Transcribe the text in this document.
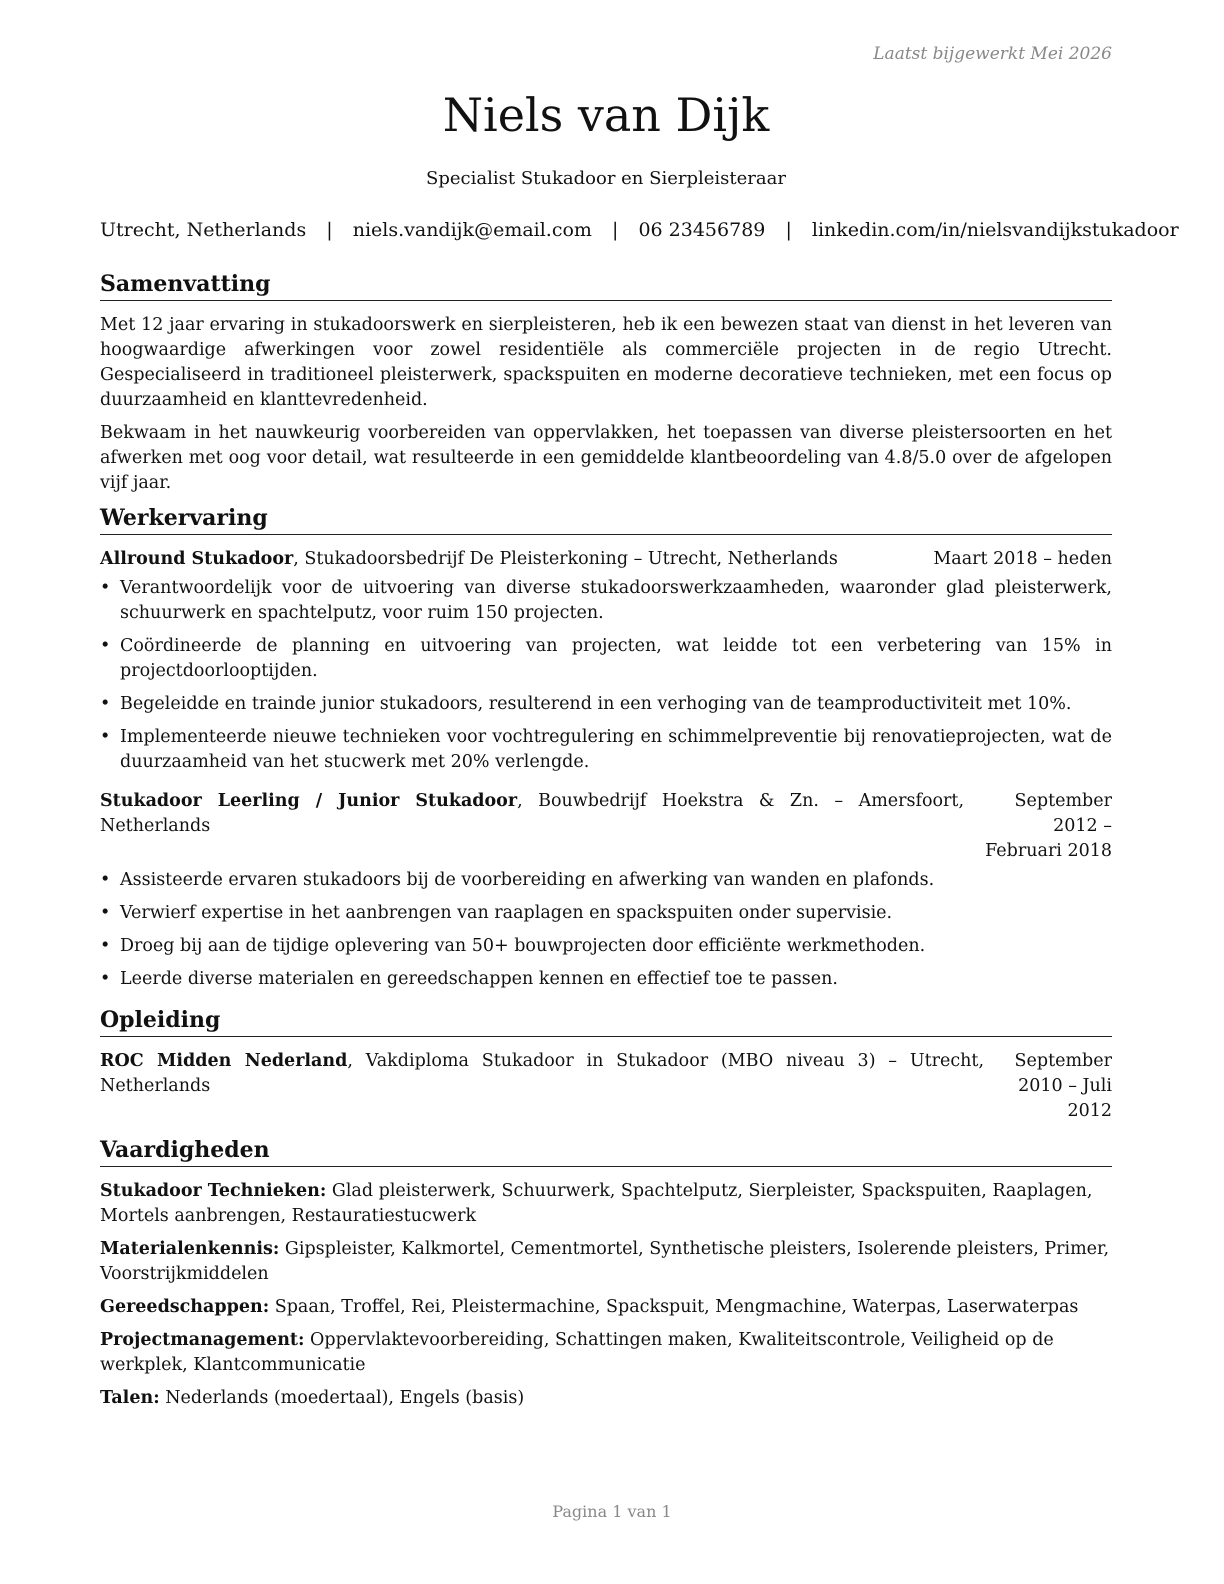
Laatst bijgewerkt Mei 2026
Niels van Dijk
Specialist Stukadoor en Sierpleisteraar
Utrecht, Netherlands | niels.vandijk@email.com | 06 23456789 | linkedin.com/in/nielsvandijkstukadoor
Samenvatting

Met 12 jaar ervaring in stukadoorswerk en sierpleisteren, heb ik een bewezen staat van dienst in het leveren van hoogwaardige afwerkingen voor zowel residentiële als commerciële projecten in de regio Utrecht. Gespecialiseerd in traditioneel pleisterwerk, spackspuiten en moderne decoratieve technieken, met een focus op duurzaamheid en klanttevredenheid.

Bekwaam in het nauwkeurig voorbereiden van oppervlakken, het toepassen van diverse pleistersoorten en het afwerken met oog voor detail, wat resulteerde in een gemiddelde klantbeoordeling van 4.8/5.0 over de afgelopen vijf jaar.

Werkervaring
Allround Stukadoor, Stukadoorsbedrijf De Pleisterkoning – Utrecht, Netherlands	Maart 2018 – heden
• Verantwoordelijk voor de uitvoering van diverse stukadoorswerkzaamheden, waaronder glad pleisterwerk, schuurwerk en spachtelputz, voor ruim 150 projecten.
• Coördineerde de planning en uitvoering van projecten, wat leidde tot een verbetering van 15% in projectdoorlooptijden.
• Begeleidde en trainde junior stukadoors, resulterend in een verhoging van de teamproductiviteit met 10%.
• Implementeerde nieuwe technieken voor vochtregulering en schimmelpreventie bij renovatieprojecten, wat de duurzaamheid van het stucwerk met 20% verlengde.
Stukadoor Leerling / Junior Stukadoor, Bouwbedrijf Hoekstra & Zn. – Amersfoort, Netherlands
September 2012 – Februari 2018
• Assisteerde ervaren stukadoors bij de voorbereiding en afwerking van wanden en plafonds.
• Verwierf expertise in het aanbrengen van raaplagen en spackspuiten onder supervisie.
• Droeg bij aan de tijdige oplevering van 50+ bouwprojecten door efficiënte werkmethoden.
• Leerde diverse materialen en gereedschappen kennen en effectief toe te passen.
Opleiding
ROC Midden Nederland, Vakdiploma Stukadoor in Stukadoor (MBO niveau 3) – Utrecht, Netherlands
September 2010 – Juli 2012
Vaardigheden

Stukadoor Technieken: Glad pleisterwerk, Schuurwerk, Spachtelputz, Sierpleister, Spackspuiten, Raaplagen, Mortels aanbrengen, Restauratiestucwerk

Materialenkennis: Gipspleister, Kalkmortel, Cementmortel, Synthetische pleisters, Isolerende pleisters, Primer, Voorstrijkmiddelen

Gereedschappen: Spaan, Troffel, Rei, Pleistermachine, Spackspuit, Mengmachine, Waterpas, Laserwaterpas

Projectmanagement: Oppervlaktevoorbereiding, Schattingen maken, Kwaliteitscontrole, Veiligheid op de werkplek, Klantcommunicatie

Talen: Nederlands (moedertaal), Engels (basis)

Pagina 1 van 1
